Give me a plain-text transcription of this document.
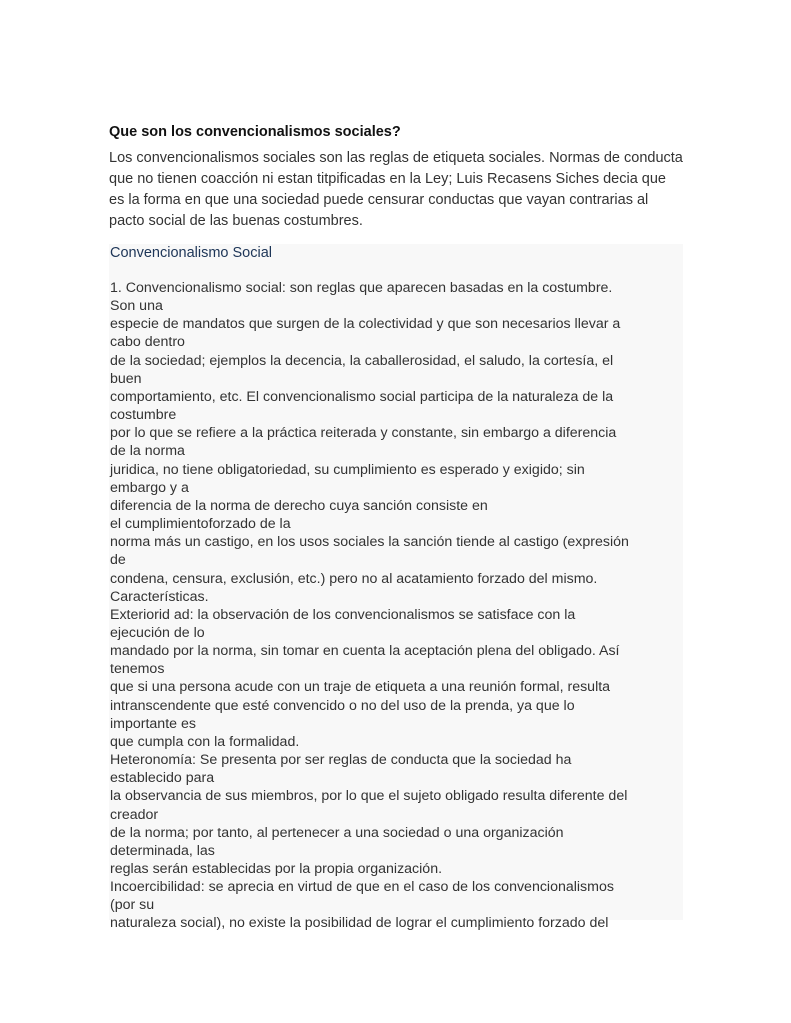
Que son los convencionalismos sociales?

Los convencionalismos sociales son las reglas de etiqueta sociales. Normas de conducta que no tienen coacción ni estan titpificadas en la Ley; Luis Recasens Siches decia que es la forma en que una sociedad puede censurar conductas que vayan contrarias al pacto social de las buenas costumbres.

Convencionalismo Social

1. Convencionalismo social: son reglas que aparecen basadas en la costumbre.
Son una
especie de mandatos que surgen de la colectividad y que son necesarios llevar a
cabo dentro
de la sociedad; ejemplos la decencia, la caballerosidad, el saludo, la cortesía, el
buen
comportamiento, etc. El convencionalismo social participa de la naturaleza de la
costumbre
por lo que se refiere a la práctica reiterada y constante, sin embargo a diferencia
de la norma
juridica, no tiene obligatoriedad, su cumplimiento es esperado y exigido; sin
embargo y a
diferencia de la norma de derecho cuya sanción consiste en
el cumplimientoforzado de la
norma más un castigo, en los usos sociales la sanción tiende al castigo (expresión
de
condena, censura, exclusión, etc.) pero no al acatamiento forzado del mismo.
Características.
Exteriorid ad: la observación de los convencionalismos se satisface con la
ejecución de lo
mandado por la norma, sin tomar en cuenta la aceptación plena del obligado. Así
tenemos
que si una persona acude con un traje de etiqueta a una reunión formal, resulta
intranscendente que esté convencido o no del uso de la prenda, ya que lo
importante es
que cumpla con la formalidad.
Heteronomía: Se presenta por ser reglas de conducta que la sociedad ha
establecido para
la observancia de sus miembros, por lo que el sujeto obligado resulta diferente del
creador
de la norma; por tanto, al pertenecer a una sociedad o una organización
determinada, las
reglas serán establecidas por la propia organización.
Incoercibilidad: se aprecia en virtud de que en el caso de los convencionalismos
(por su
naturaleza social), no existe la posibilidad de lograr el cumplimiento forzado del
